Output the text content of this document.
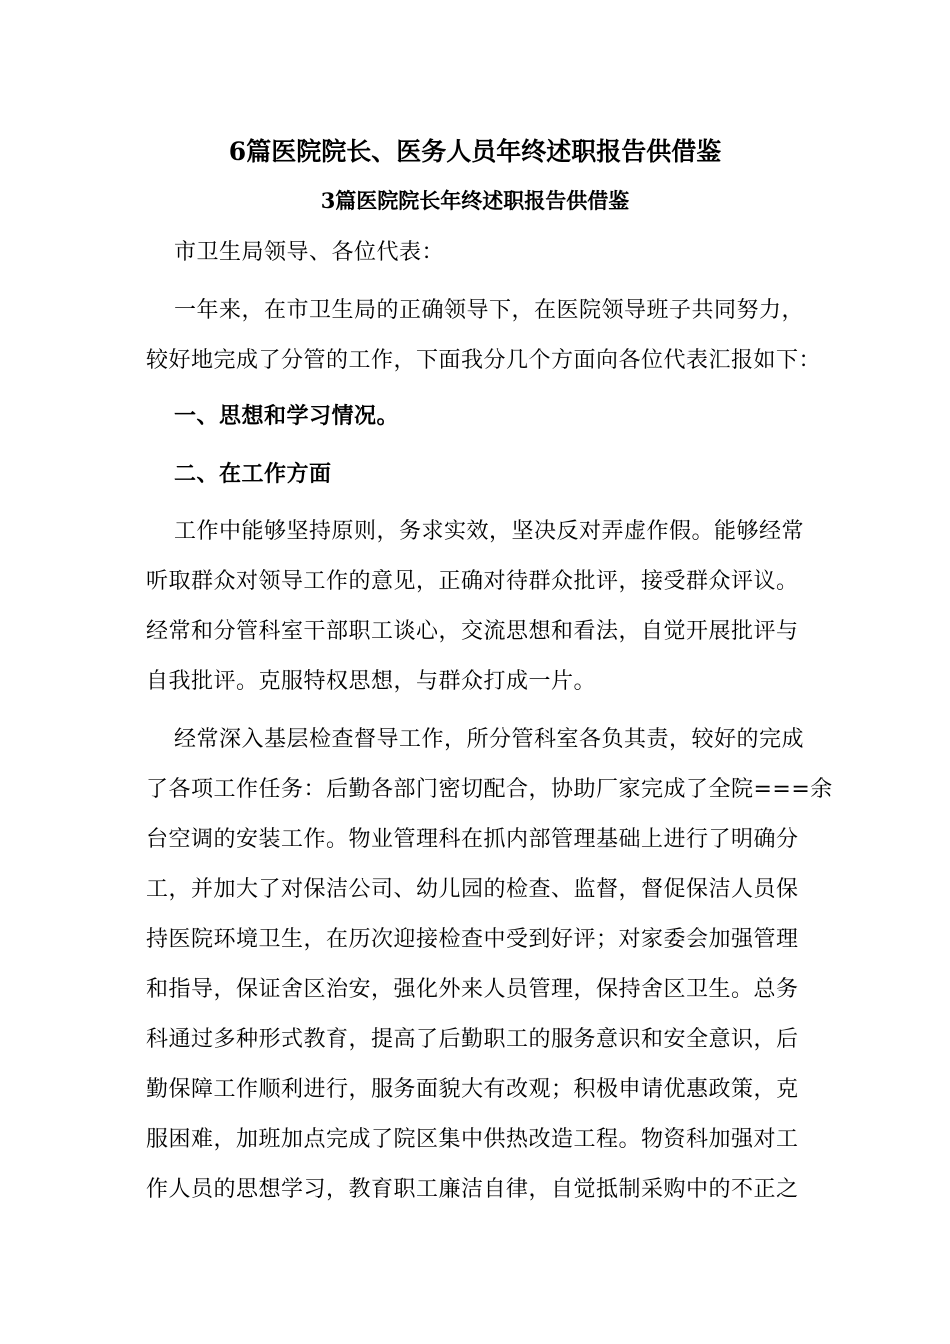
6篇医院院长、医务人员年终述职报告供借鉴
3篇医院院长年终述职报告供借鉴
市卫生局领导、各位代表：
一年来，在市卫生局的正确领导下，在医院领导班子共同努力，
较好地完成了分管的工作，下面我分几个方面向各位代表汇报如下：
一、思想和学习情况。
二、在工作方面
工作中能够坚持原则，务求实效，坚决反对弄虚作假。能够经常
听取群众对领导工作的意见，正确对待群众批评，接受群众评议。
经常和分管科室干部职工谈心，交流思想和看法，自觉开展批评与
自我批评。克服特权思想，与群众打成一片。
经常深入基层检查督导工作，所分管科室各负其责，较好的完成
了各项工作任务：后勤各部门密切配合，协助厂家完成了全院===余
台空调的安装工作。物业管理科在抓内部管理基础上进行了明确分
工，并加大了对保洁公司、幼儿园的检查、监督，督促保洁人员保
持医院环境卫生，在历次迎接检查中受到好评；对家委会加强管理
和指导，保证舍区治安，强化外来人员管理，保持舍区卫生。总务
科通过多种形式教育，提高了后勤职工的服务意识和安全意识，后
勤保障工作顺利进行，服务面貌大有改观；积极申请优惠政策，克
服困难，加班加点完成了院区集中供热改造工程。物资科加强对工
作人员的思想学习，教育职工廉洁自律，自觉抵制采购中的不正之
